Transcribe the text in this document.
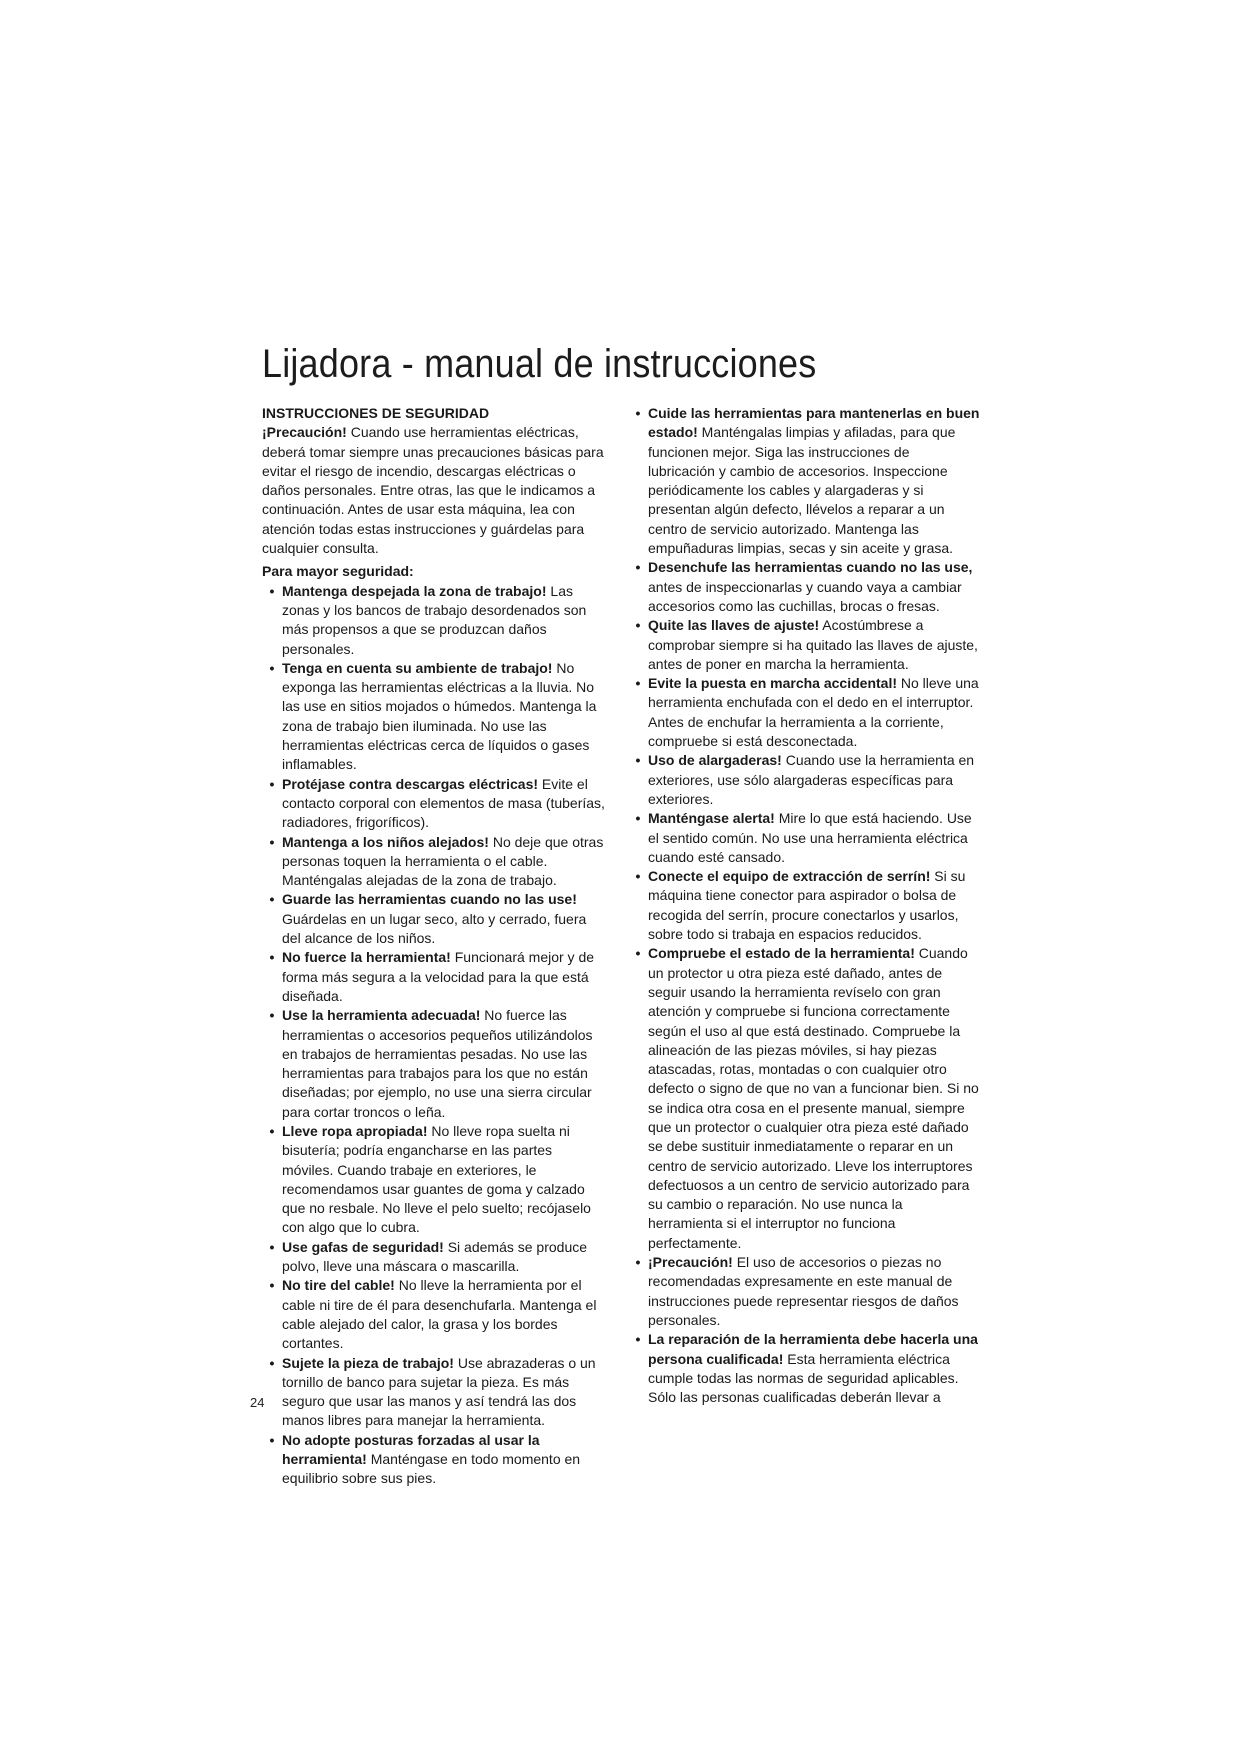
Lijadora - manual de instrucciones

INSTRUCCIONES DE SEGURIDAD

¡Precaución! Cuando use herramientas eléctricas, deberá tomar siempre unas precauciones básicas para evitar el riesgo de incendio, descargas eléctricas o daños personales. Entre otras, las que le indicamos a continuación. Antes de usar esta máquina, lea con atención todas estas instrucciones y guárdelas para cualquier consulta.

Para mayor seguridad:

• Mantenga despejada la zona de trabajo! Las zonas y los bancos de trabajo desordenados son más propensos a que se produzcan daños personales.

• Tenga en cuenta su ambiente de trabajo! No exponga las herramientas eléctricas a la lluvia. No las use en sitios mojados o húmedos. Mantenga la zona de trabajo bien iluminada. No use las herramientas eléctricas cerca de líquidos o gases inflamables.

• Protéjase contra descargas eléctricas! Evite el contacto corporal con elementos de masa (tuberías, radiadores, frigoríficos).

• Mantenga a los niños alejados! No deje que otras personas toquen la herramienta o el cable. Manténgalas alejadas de la zona de trabajo.

• Guarde las herramientas cuando no las use! Guárdelas en un lugar seco, alto y cerrado, fuera del alcance de los niños.

• No fuerce la herramienta! Funcionará mejor y de forma más segura a la velocidad para la que está diseñada.

• Use la herramienta adecuada! No fuerce las herramientas o accesorios pequeños utilizándolos en trabajos de herramientas pesadas. No use las herramientas para trabajos para los que no están diseñadas; por ejemplo, no use una sierra circular para cortar troncos o leña.

• Lleve ropa apropiada! No lleve ropa suelta ni bisutería; podría engancharse en las partes móviles. Cuando trabaje en exteriores, le recomendamos usar guantes de goma y calzado que no resbale. No lleve el pelo suelto; recójaselo con algo que lo cubra.

• Use gafas de seguridad! Si además se produce polvo, lleve una máscara o mascarilla.

• No tire del cable! No lleve la herramienta por el cable ni tire de él para desenchufarla. Mantenga el cable alejado del calor, la grasa y los bordes cortantes.

• Sujete la pieza de trabajo! Use abrazaderas o un tornillo de banco para sujetar la pieza. Es más seguro que usar las manos y así tendrá las dos manos libres para manejar la herramienta.

• No adopte posturas forzadas al usar la herramienta! Manténgase en todo momento en equilibrio sobre sus pies.

• Cuide las herramientas para mantenerlas en buen estado! Manténgalas limpias y afiladas, para que funcionen mejor. Siga las instrucciones de lubricación y cambio de accesorios. Inspeccione periódicamente los cables y alargaderas y si presentan algún defecto, llévelos a reparar a un centro de servicio autorizado. Mantenga las empuñaduras limpias, secas y sin aceite y grasa.

• Desenchufe las herramientas cuando no las use, antes de inspeccionarlas y cuando vaya a cambiar accesorios como las cuchillas, brocas o fresas.

• Quite las llaves de ajuste! Acostúmbrese a comprobar siempre si ha quitado las llaves de ajuste, antes de poner en marcha la herramienta.

• Evite la puesta en marcha accidental! No lleve una herramienta enchufada con el dedo en el interruptor. Antes de enchufar la herramienta a la corriente, compruebe si está desconectada.

• Uso de alargaderas! Cuando use la herramienta en exteriores, use sólo alargaderas específicas para exteriores.

• Manténgase alerta! Mire lo que está haciendo. Use el sentido común. No use una herramienta eléctrica cuando esté cansado.

• Conecte el equipo de extracción de serrín! Si su máquina tiene conector para aspirador o bolsa de recogida del serrín, procure conectarlos y usarlos, sobre todo si trabaja en espacios reducidos.

• Compruebe el estado de la herramienta! Cuando un protector u otra pieza esté dañado, antes de seguir usando la herramienta revíselo con gran atención y compruebe si funciona correctamente según el uso al que está destinado. Compruebe la alineación de las piezas móviles, si hay piezas atascadas, rotas, montadas o con cualquier otro defecto o signo de que no van a funcionar bien. Si no se indica otra cosa en el presente manual, siempre que un protector o cualquier otra pieza esté dañado se debe sustituir inmediatamente o reparar en un centro de servicio autorizado. Lleve los interruptores defectuosos a un centro de servicio autorizado para su cambio o reparación. No use nunca la herramienta si el interruptor no funciona perfectamente.

• ¡Precaución! El uso de accesorios o piezas no recomendadas expresamente en este manual de instrucciones puede representar riesgos de daños personales.

• La reparación de la herramienta debe hacerla una persona cualificada! Esta herramienta eléctrica cumple todas las normas de seguridad aplicables. Sólo las personas cualificadas deberán llevar a

24
